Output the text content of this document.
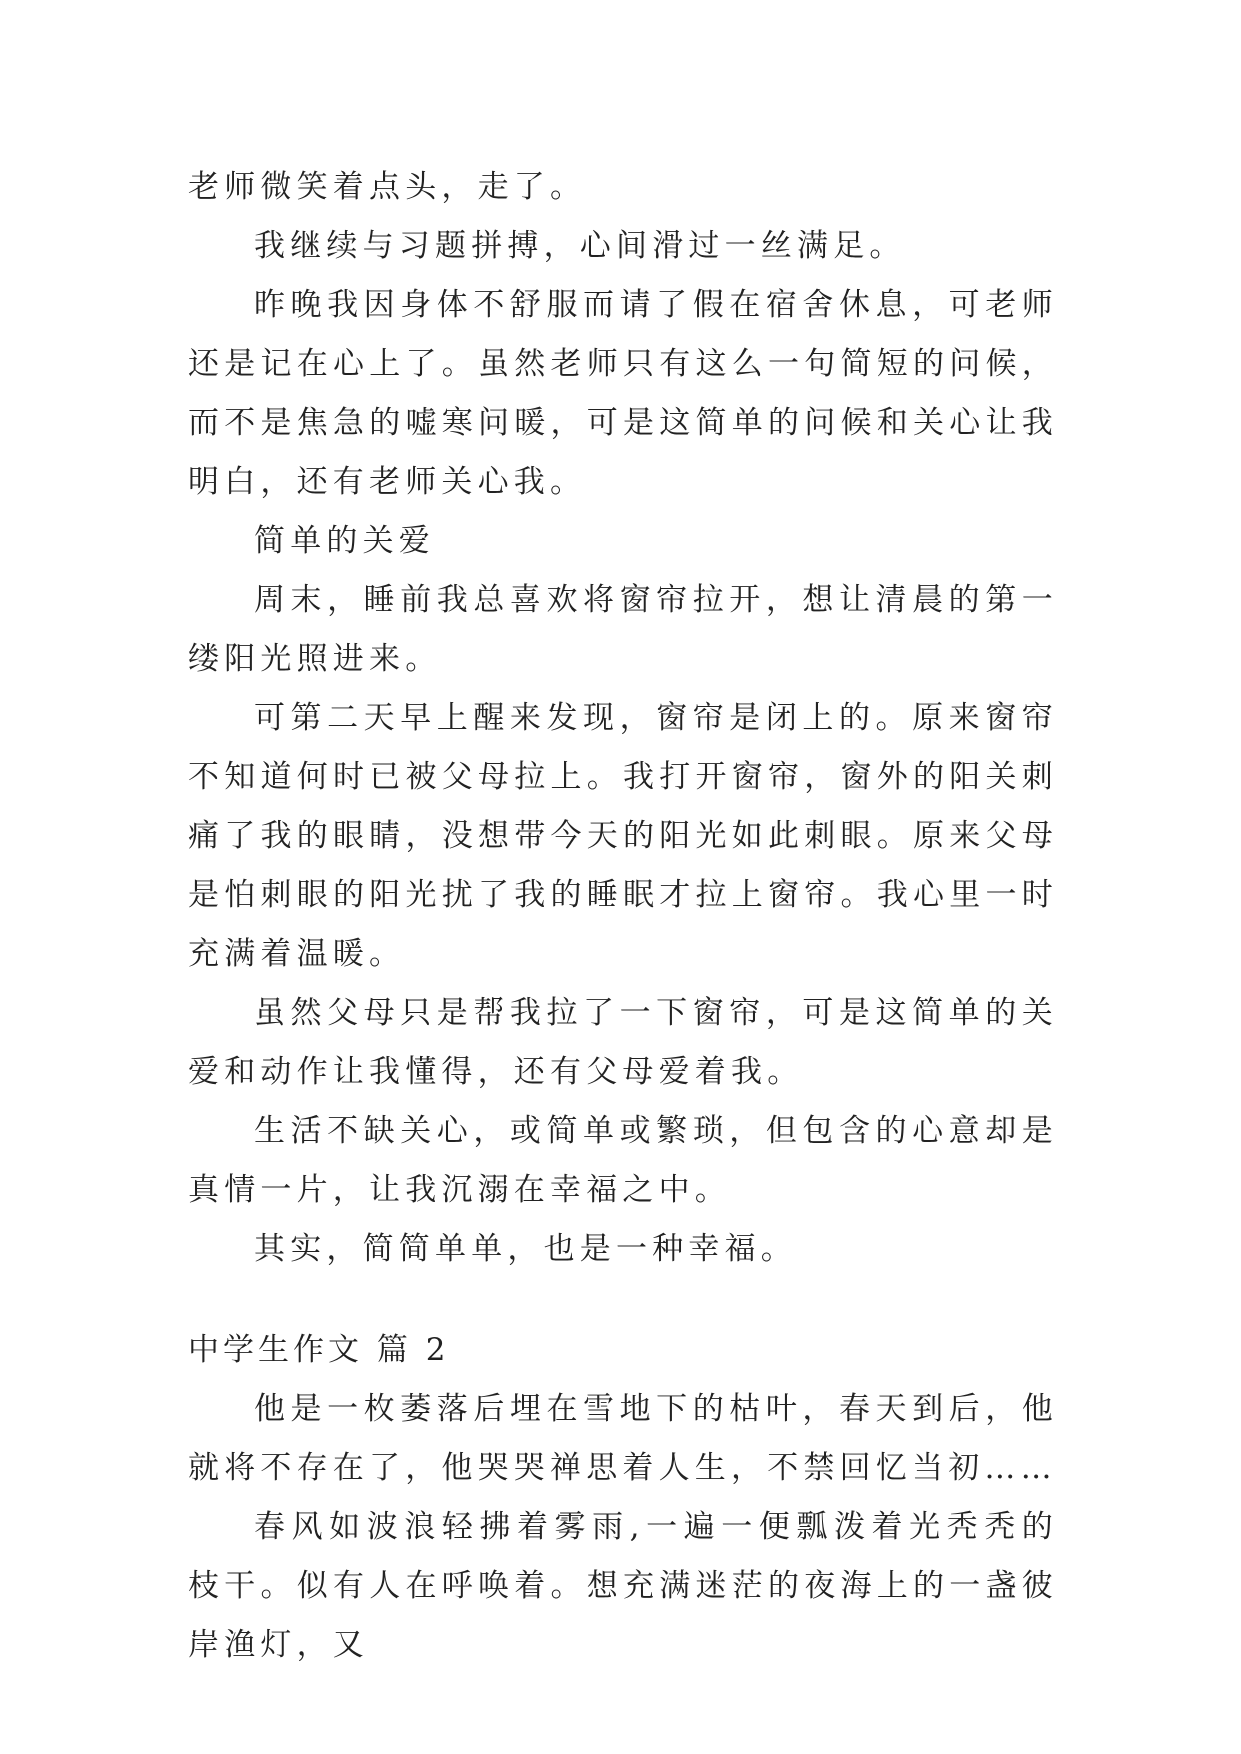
老师微笑着点头，走了。

我继续与习题拼搏，心间滑过一丝满足。

昨晚我因身体不舒服而请了假在宿舍休息，可老师还是记在心上了。虽然老师只有这么一句简短的问候，而不是焦急的嘘寒问暖，可是这简单的问候和关心让我明白，还有老师关心我。

简单的关爱

周末，睡前我总喜欢将窗帘拉开，想让清晨的第一缕阳光照进来。

可第二天早上醒来发现，窗帘是闭上的。原来窗帘不知道何时已被父母拉上。我打开窗帘，窗外的阳关刺痛了我的眼睛，没想带今天的阳光如此刺眼。原来父母是怕刺眼的阳光扰了我的睡眠才拉上窗帘。我心里一时充满着温暖。

虽然父母只是帮我拉了一下窗帘，可是这简单的关爱和动作让我懂得，还有父母爱着我。

生活不缺关心，或简单或繁琐，但包含的心意却是真情一片，让我沉溺在幸福之中。

其实，简简单单，也是一种幸福。

中学生作文 篇 2

他是一枚萎落后埋在雪地下的枯叶，春天到后，他就将不存在了，他哭哭禅思着人生，不禁回忆当初……

春风如波浪轻拂着雾雨,一遍一便瓢泼着光秃秃的枝干。似有人在呼唤着。想充满迷茫的夜海上的一盏彼岸渔灯，又
